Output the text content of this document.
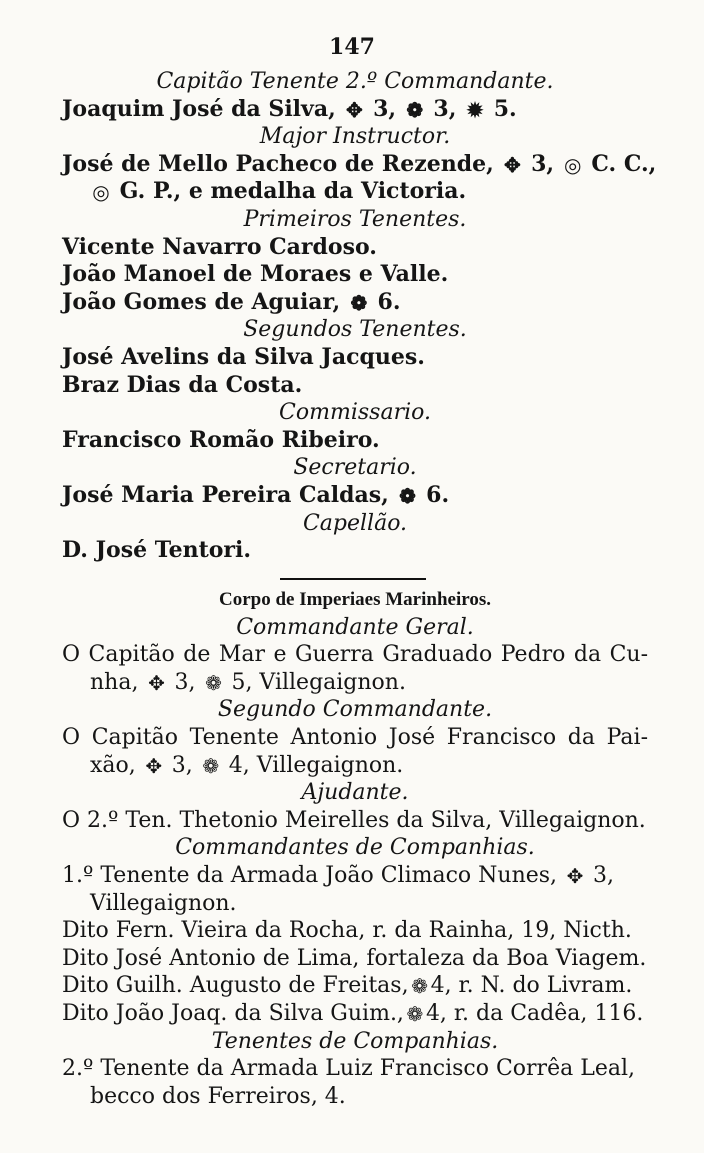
147
Capitão Tenente 2.º Commandante.
Joaquim José da Silva, ✥ 3, ❁ 3, ✹ 5.
Major Instructor.
José de Mello Pacheco de Rezende, ✥ 3, ◎ C. C.,
◎ G. P., e medalha da Victoria.
Primeiros Tenentes.
Vicente Navarro Cardoso.
João Manoel de Moraes e Valle.
João Gomes de Aguiar, ❁ 6.
Segundos Tenentes.
José Avelins da Silva Jacques.
Braz Dias da Costa.
Commissario.
Francisco Romão Ribeiro.
Secretario.
José Maria Pereira Caldas, ❁ 6.
Capellão.
D. José Tentori.
Corpo de Imperiaes Marinheiros.
Commandante Geral.
O Capitão de Mar e Guerra Graduado Pedro da Cu-
nha, ✥ 3, ❁ 5, Villegaignon.
Segundo Commandante.
O Capitão Tenente Antonio José Francisco da Pai-
xão, ✥ 3, ❁ 4, Villegaignon.
Ajudante.
O 2.º Ten. Thetonio Meirelles da Silva, Villegaignon.
Commandantes de Companhias.
1.º Tenente da Armada João Climaco Nunes, ✥ 3,
Villegaignon.
Dito Fern. Vieira da Rocha, r. da Rainha, 19, Nicth.
Dito José Antonio de Lima, fortaleza da Boa Viagem.
Dito Guilh. Augusto de Freitas, ❁ 4, r. N. do Livram.
Dito João Joaq. da Silva Guim., ❁ 4, r. da Cadêa, 116.
Tenentes de Companhias.
2.º Tenente da Armada Luiz Francisco Corrêa Leal,
becco dos Ferreiros, 4.
